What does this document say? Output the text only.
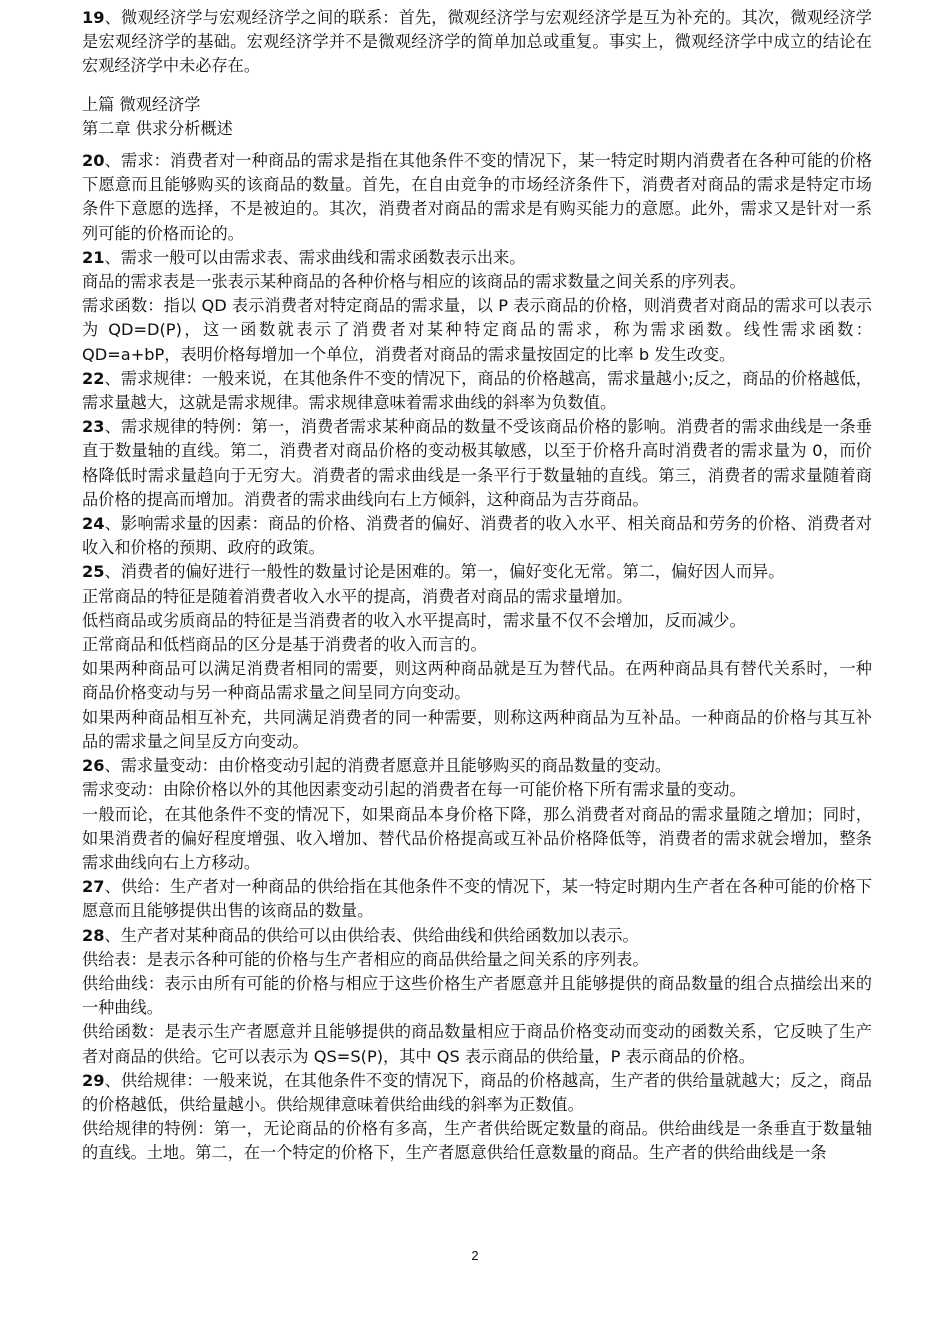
19、微观经济学与宏观经济学之间的联系：首先，微观经济学与宏观经济学是互为补充的。其次，微观经济学是宏观经济学的基础。宏观经济学并不是微观经济学的简单加总或重复。事实上，微观经济学中成立的结论在宏观经济学中未必存在。

上篇 微观经济学

第二章 供求分析概述

20、需求：消费者对一种商品的需求是指在其他条件不变的情况下，某一特定时期内消费者在各种可能的价格下愿意而且能够购买的该商品的数量。首先，在自由竞争的市场经济条件下，消费者对商品的需求是特定市场条件下意愿的选择，不是被迫的。其次，消费者对商品的需求是有购买能力的意愿。此外，需求又是针对一系列可能的价格而论的。

21、需求一般可以由需求表、需求曲线和需求函数表示出来。

商品的需求表是一张表示某种商品的各种价格与相应的该商品的需求数量之间关系的序列表。

需求函数：指以 QD 表示消费者对特定商品的需求量，以 P 表示商品的价格，则消费者对商品的需求可以表示为 QD=D(P)，这一函数就表示了消费者对某种特定商品的需求，称为需求函数。线性需求函数：QD=a+bP，表明价格每增加一个单位，消费者对商品的需求量按固定的比率 b 发生改变。

22、需求规律：一般来说，在其他条件不变的情况下，商品的价格越高，需求量越小;反之，商品的价格越低，需求量越大，这就是需求规律。需求规律意味着需求曲线的斜率为负数值。

23、需求规律的特例：第一，消费者需求某种商品的数量不受该商品价格的影响。消费者的需求曲线是一条垂直于数量轴的直线。第二，消费者对商品价格的变动极其敏感，以至于价格升高时消费者的需求量为 0，而价格降低时需求量趋向于无穷大。消费者的需求曲线是一条平行于数量轴的直线。第三，消费者的需求量随着商品价格的提高而增加。消费者的需求曲线向右上方倾斜，这种商品为吉芬商品。

24、影响需求量的因素：商品的价格、消费者的偏好、消费者的收入水平、相关商品和劳务的价格、消费者对收入和价格的预期、政府的政策。

25、消费者的偏好进行一般性的数量讨论是困难的。第一，偏好变化无常。第二，偏好因人而异。

正常商品的特征是随着消费者收入水平的提高，消费者对商品的需求量增加。

低档商品或劣质商品的特征是当消费者的收入水平提高时，需求量不仅不会增加，反而减少。

正常商品和低档商品的区分是基于消费者的收入而言的。

如果两种商品可以满足消费者相同的需要，则这两种商品就是互为替代品。在两种商品具有替代关系时，一种商品价格变动与另一种商品需求量之间呈同方向变动。

如果两种商品相互补充，共同满足消费者的同一种需要，则称这两种商品为互补品。一种商品的价格与其互补品的需求量之间呈反方向变动。

26、需求量变动：由价格变动引起的消费者愿意并且能够购买的商品数量的变动。

需求变动：由除价格以外的其他因素变动引起的消费者在每一可能价格下所有需求量的变动。

一般而论，在其他条件不变的情况下，如果商品本身价格下降，那么消费者对商品的需求量随之增加；同时，如果消费者的偏好程度增强、收入增加、替代品价格提高或互补品价格降低等，消费者的需求就会增加，整条需求曲线向右上方移动。

27、供给：生产者对一种商品的供给指在其他条件不变的情况下，某一特定时期内生产者在各种可能的价格下愿意而且能够提供出售的该商品的数量。

28、生产者对某种商品的供给可以由供给表、供给曲线和供给函数加以表示。

供给表：是表示各种可能的价格与生产者相应的商品供给量之间关系的序列表。

供给曲线：表示由所有可能的价格与相应于这些价格生产者愿意并且能够提供的商品数量的组合点描绘出来的一种曲线。

供给函数：是表示生产者愿意并且能够提供的商品数量相应于商品价格变动而变动的函数关系，它反映了生产者对商品的供给。它可以表示为 QS=S(P)，其中 QS 表示商品的供给量，P 表示商品的价格。

29、供给规律：一般来说，在其他条件不变的情况下，商品的价格越高，生产者的供给量就越大；反之，商品的价格越低，供给量越小。供给规律意味着供给曲线的斜率为正数值。

供给规律的特例：第一，无论商品的价格有多高，生产者供给既定数量的商品。供给曲线是一条垂直于数量轴的直线。土地。第二，在一个特定的价格下，生产者愿意供给任意数量的商品。生产者的供给曲线是一条

2
